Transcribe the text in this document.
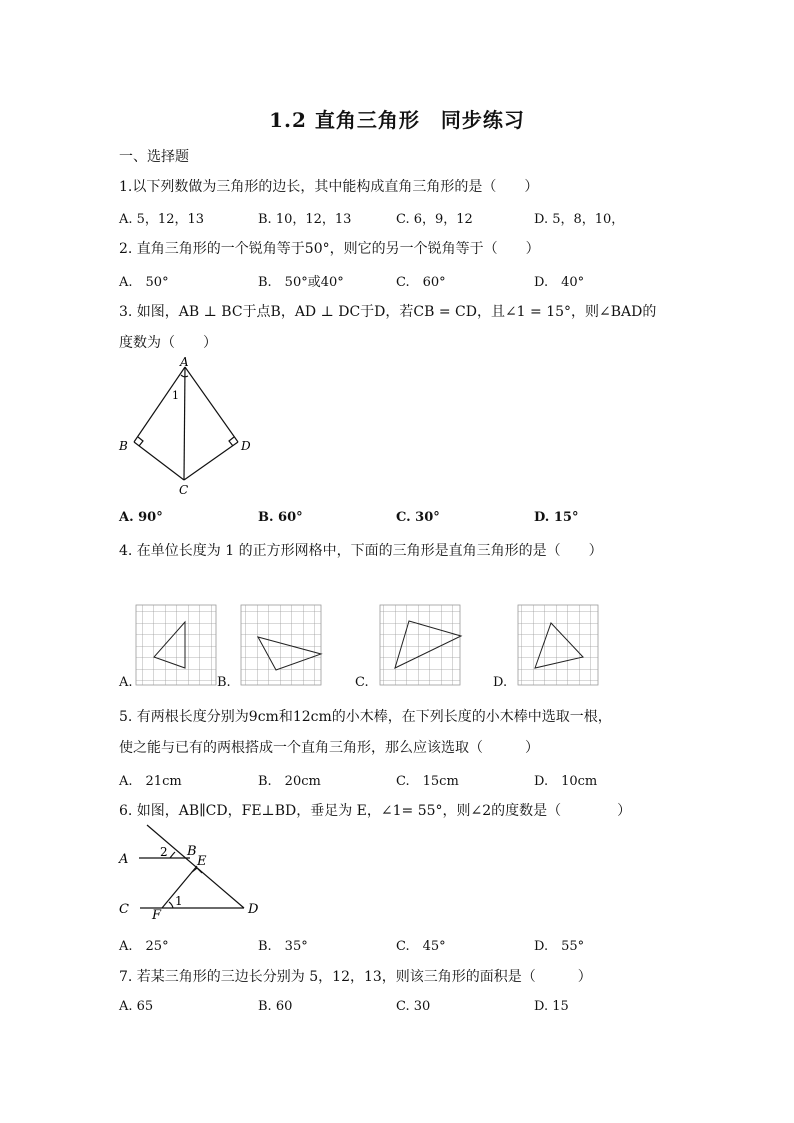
1.2 直角三角形　同步练习
一、选择题
1.以下列数做为三角形的边长，其中能构成直角三角形的是（　　）
A. 5，12，13	B. 10，12，13	C. 6，9，12	D. 5，8，10，
2. 直角三角形的一个锐角等于50°，则它的另一个锐角等于（　　）
A.　50°	B.　50°或40°	C.　60°	D.　40°
3. 如图，AB ⊥ BC于点B，AD ⊥ DC于D，若CB = CD，且∠1 = 15°，则∠BAD的
度数为（　　）
A
B
C
D
1
A. 90°	B. 60°	C. 30°	D. 15°
4. 在单位长度为 1 的正方形网格中，下面的三角形是直角三角形的是（　　）
A.	B.	C.	D.
5. 有两根长度分别为9cm和12cm的小木棒，在下列长度的小木棒中选取一根，
使之能与已有的两根搭成一个直角三角形，那么应该选取（　　　）
A.　21cm	B.　20cm	C.　15cm	D.　10cm
6. 如图，AB∥CD，FE⊥BD，垂足为 E，∠1= 55°，则∠2的度数是（　　　　）
A
B
C	D
E
F
1
2
A.　25°	B.　35°	C.　45°	D.　55°
7. 若某三角形的三边长分别为 5，12，13，则该三角形的面积是（　　　）
A. 65	B. 60	C. 30	D. 15
